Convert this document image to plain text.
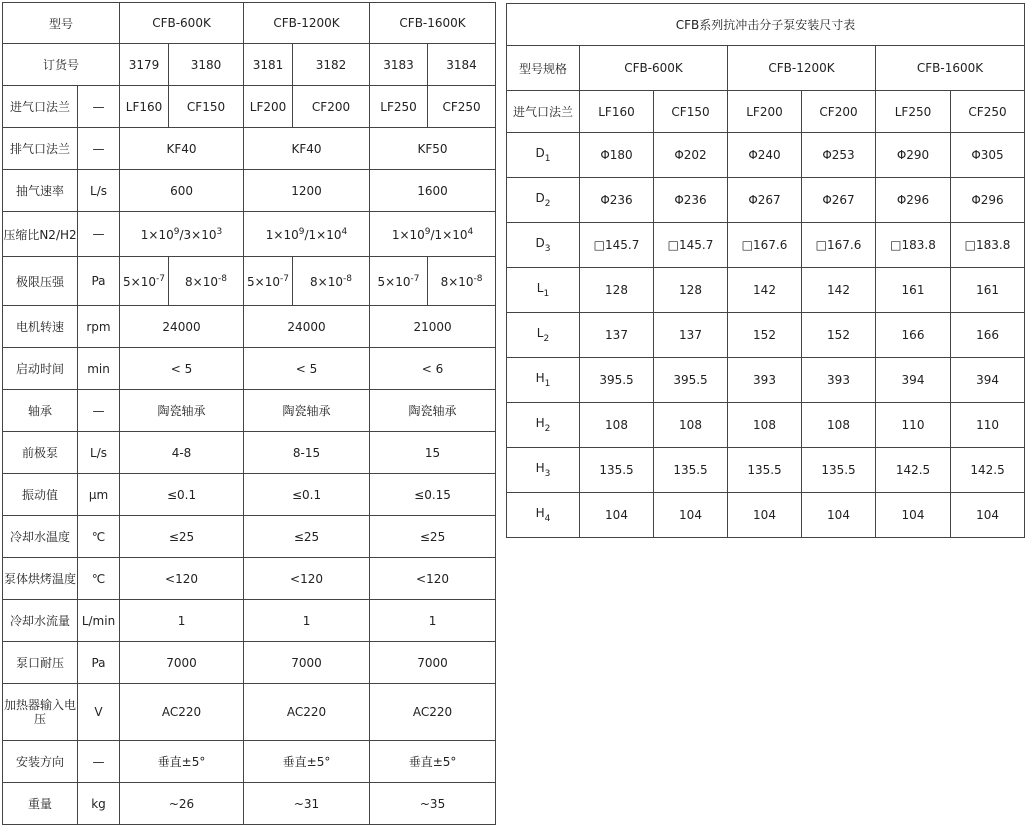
型号		CFB-600K		CFB-1200K		CFB-1600K	
订货号		3179	3180	3181	3182	3183	3184
进气口法兰	—	LF160	CF150	LF200	CF200	LF250	CF250
排气口法兰	—	KF40		KF40		KF50	
抽气速率	L/s	600		1200		1600	
压缩比N2/H2	—	$1\times 10^9/3\times 10^3$		$1\times 10^9/1\times 10^4$		$1\times 10^9/1\times 10^4$
极限压强	Pa	$5\times 10^{-7}$	$8\times 10^{-8}$	$5\times 10^{-7}$	$8\times 10^{-8}$	$5\times 10^{-7}$	$8\times 10^{-8}$
电机转速	rpm	24000		24000		21000	
启动时间	min	< 5		< 5		< 6	
轴承	—	陶瓷轴承		陶瓷轴承		陶瓷轴承	
前极泵	L/s	4-8		8-15		15	
振动值	μm	≤0.1		≤0.1		≤0.15	
冷却水温度	℃	≤25		≤25		≤25	
泵体烘烤温度	℃	<120		<120		<120	
冷却水流量	L/min	1		1		1	
泵口耐压	Pa	7000		7000		7000	
加热器输入电压	V	AC220		AC220		AC220	
安装方向	—	垂直±5°		垂直±5°		垂直±5°	
重量	kg	~26		~31		~35	
CFB系列抗冲击分子泵安装尺寸表						
型号规格	CFB-600K		CFB-1200K		CFB-1600K	
进气口法兰	LF160	CF150	LF200	CF200	LF250	CF250
$D_1$	Φ180	Φ202	Φ240	Φ253	Φ290	Φ305
$D_2$	Φ236	Φ236	Φ267	Φ267	Φ296	Φ296
$D_3$	□145.7	□145.7	□167.6	□167.6	□183.8	□183.8
$L_1$	128	128	142	142	161	161
$L_2$	137	137	152	152	166	166
$H_1$	395.5	395.5	393	393	394	394
$H_2$	108	108	108	108	110	110
$H_3$	135.5	135.5	135.5	135.5	142.5	142.5
$H_4$	104	104	104	104	104	104
